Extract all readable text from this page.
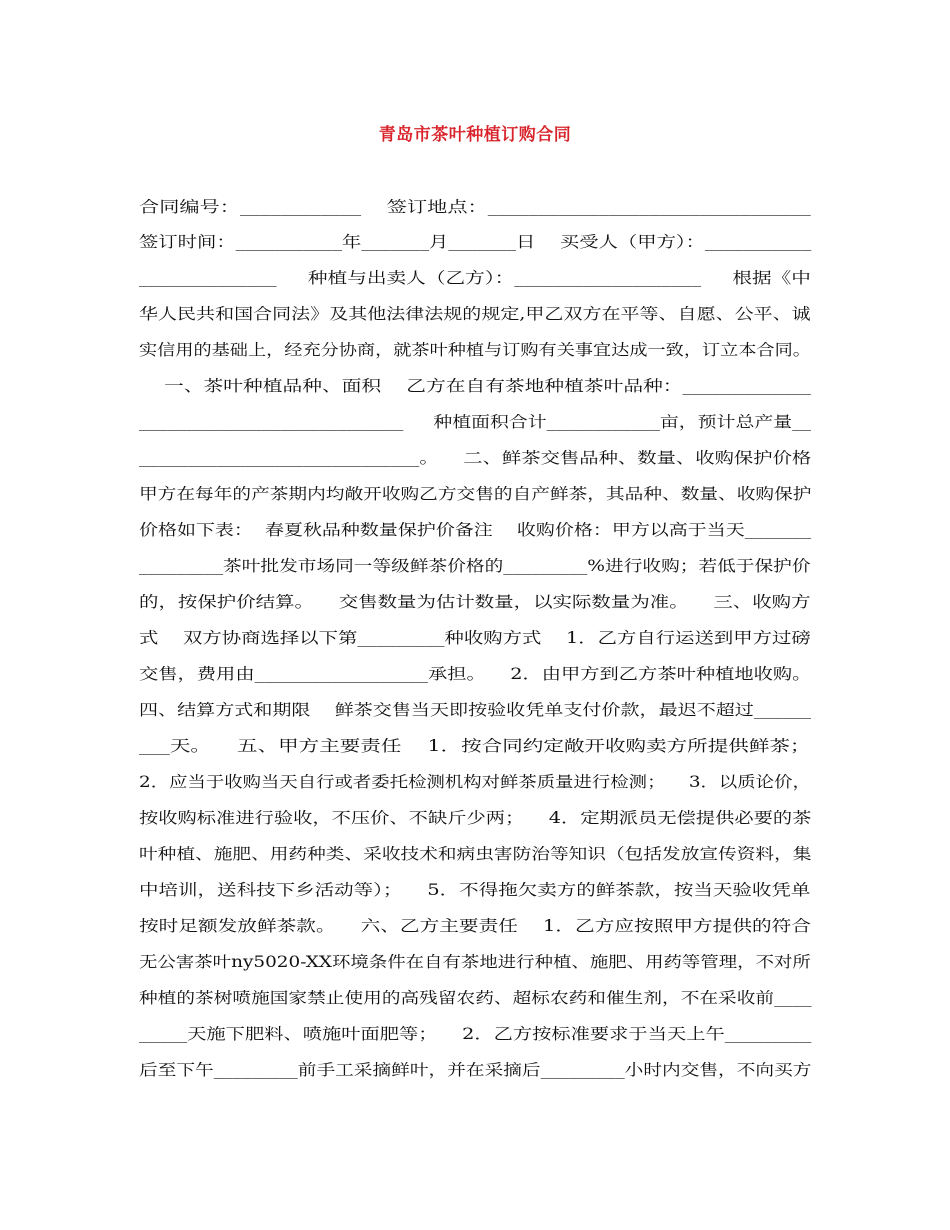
青岛市茶叶种植订购合同
合同编号：____________    签订地点：________________________________
签订时间：___________年_______月_______日    买受人（甲方）：___________
______________     种植与出卖人（乙方）：___________________     根据《中
华人民共和国合同法》及其他法律法规的规定,甲乙双方在平等、自愿、公平、诚
实信用的基础上，经充分协商，就茶叶种植与订购有关事宜达成一致，订立本合同。
一、茶叶种植品种、面积    乙方在自有茶地种植茶叶品种：_____________
____________________________     种植面积合计____________亩，预计总产量__
_____________________________。    二、鲜茶交售品种、数量、收购保护价格
甲方在每年的产茶期内均敞开收购乙方交售的自产鲜茶，其品种、数量、收购保护
价格如下表：  春夏秋品种数量保护价备注    收购价格：甲方以高于当天_______
_________茶叶批发市场同一等级鲜茶价格的_________%进行收购；若低于保护价
的，按保护价结算。    交售数量为估计数量，以实际数量为准。    三、收购方
式    双方协商选择以下第_________种收购方式    1．乙方自行运送到甲方过磅
交售，费用由__________________承担。    2．由甲方到乙方茶叶种植地收购。
四、结算方式和期限    鲜茶交售当天即按验收凭单支付价款，最迟不超过______
___天。    五、甲方主要责任    1．按合同约定敞开收购卖方所提供鲜茶；
2．应当于收购当天自行或者委托检测机构对鲜茶质量进行检测；    3．以质论价，
按收购标准进行验收，不压价、不缺斤少两；    4．定期派员无偿提供必要的茶
叶种植、施肥、用药种类、采收技术和病虫害防治等知识（包括发放宣传资料，集
中培训，送科技下乡活动等）；    5．不得拖欠卖方的鲜茶款，按当天验收凭单
按时足额发放鲜茶款。    六、乙方主要责任    1．乙方应按照甲方提供的符合
无公害茶叶ny5020-XX环境条件在自有茶地进行种植、施肥、用药等管理，不对所
种植的茶树喷施国家禁止使用的高残留农药、超标农药和催生剂，不在采收前____
_____天施下肥料、喷施叶面肥等；    2．乙方按标准要求于当天上午_________
后至下午_________前手工采摘鲜叶，并在采摘后_________小时内交售，不向买方
